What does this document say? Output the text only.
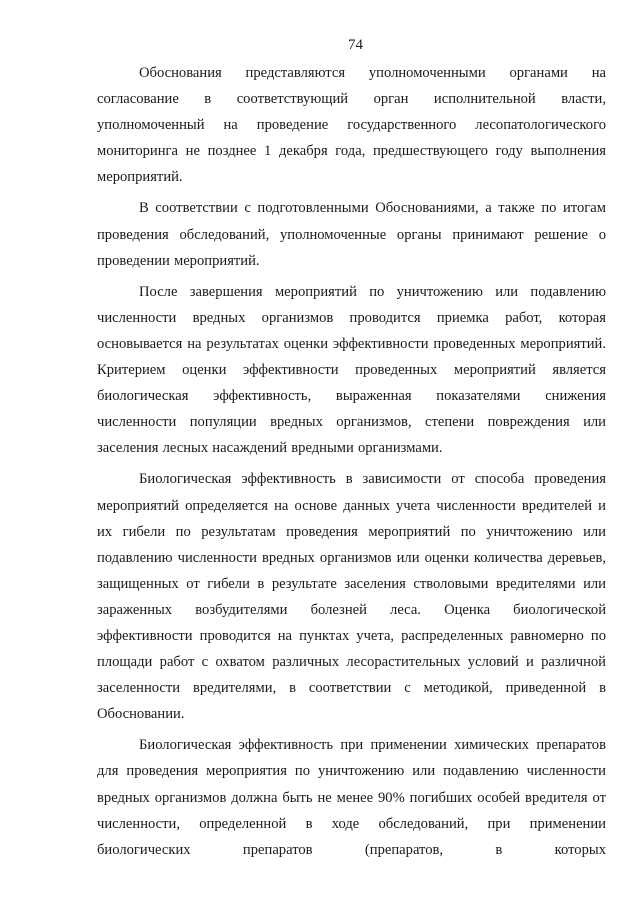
74

Обоснования представляются уполномоченными органами на согласование в соответствующий орган исполнительной власти, уполномоченный на проведение государственного лесопатологического мониторинга не позднее 1 декабря года, предшествующего году выполнения мероприятий.

В соответствии с подготовленными Обоснованиями, а также по итогам проведения обследований, уполномоченные органы принимают решение о проведении мероприятий.

После завершения мероприятий по уничтожению или подавлению численности вредных организмов проводится приемка работ, которая основывается на результатах оценки эффективности проведенных мероприятий. Критерием оценки эффективности проведенных мероприятий является биологическая эффективность, выраженная показателями снижения численности популяции вредных организмов, степени повреждения или заселения лесных насаждений вредными организмами.

Биологическая эффективность в зависимости от способа проведения мероприятий определяется на основе данных учета численности вредителей и их гибели по результатам проведения мероприятий по уничтожению или подавлению численности вредных организмов или оценки количества деревьев, защищенных от гибели в результате заселения стволовыми вредителями или зараженных возбудителями болезней леса. Оценка биологической эффективности проводится на пунктах учета, распределенных равномерно по площади работ с охватом различных лесорастительных условий и различной заселенности вредителями, в соответствии с методикой, приведенной в Обосновании.

Биологическая эффективность при применении химических препаратов для проведения мероприятия по уничтожению или подавлению численности вредных организмов должна быть не менее 90% погибших особей вредителя от численности, определенной в ходе обследований, при применении биологических препаратов (препаратов, в которых
